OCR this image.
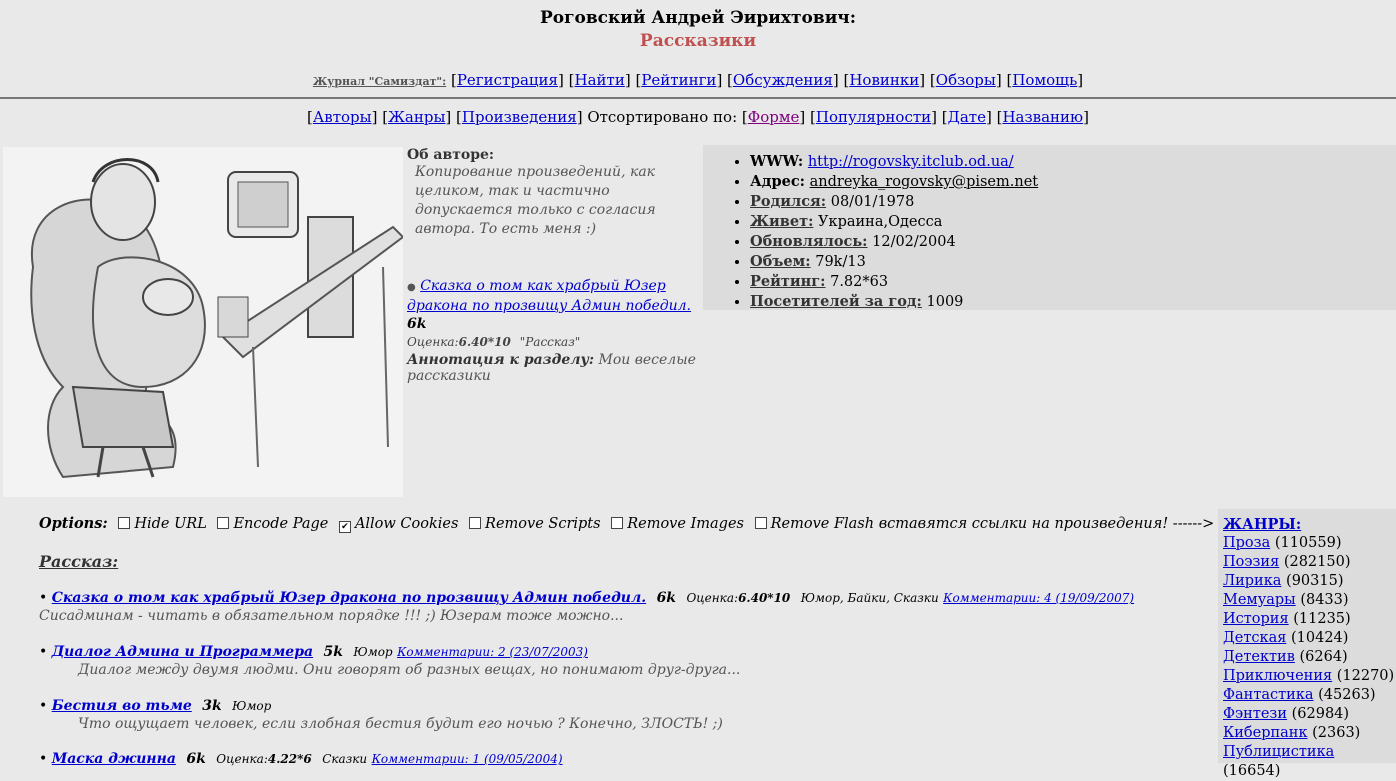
Роговский Андрей Эирихтович:
Рассказики
Журнал "Самиздат": [Регистрация] [Найти] [Рейтинги] [Обсуждения] [Новинки] [Обзоры] [Помощь]
[Авторы] [Жанры] [Произведения] Отсортировано по: [Форме] [Популярности] [Дате] [Названию]
Об авторе:
Копирование произведений, как целиком, так и частично допускается только с согласия автора. То есть меня :)
● Сказка о том как храбрый Юзер дракона по прозвищу Админ победил. 6k
Оценка:6.40*10 "Рассказ"
Аннотация к разделу: Мои веселые рассказики
• WWW: http://rogovsky.itclub.od.ua/
• Адрес: andreyka_rogovsky@pisem.net
• Родился: 08/01/1978
• Живет: Украина,Одесса
• Обновлялось: 12/02/2004
• Объем: 79k/13
• Рейтинг: 7.82*63
• Посетителей за год: 1009
Options: Hide URL Encode Page ✔ Allow Cookies Remove Scripts Remove Images Remove Flash вставятся ссылки на произведения! ------>
Рассказ:
• Сказка о том как храбрый Юзер дракона по прозвищу Админ победил. 6k Оценка:6.40*10 Юмор, Байки, Сказки Комментарии: 4 (19/09/2007)
Сисадминам - читать в обязательном порядке !!! ;) Юзерам тоже можно...
• Диалог Админа и Программера 5k Юмор Комментарии: 2 (23/07/2003)
Диалог между двумя людми. Они говорят об разных вещах, но понимают друг-друга...
• Бестия во тьме 3k Юмор
Что ощущает человек, если злобная бестия будит его ночью ? Конечно, ЗЛОСТЬ! ;)
• Маска джинна 6k Оценка:4.22*6 Сказки Комментарии: 1 (09/05/2004)
ЖАНРЫ:
Проза (110559)
Поэзия (282150)
Лирика (90315)
Мемуары (8433)
История (11235)
Детская (10424)
Детектив (6264)
Приключения (12270)
Фантастика (45263)
Фэнтези (62984)
Киберпанк (2363)
Публицистика (16654)
